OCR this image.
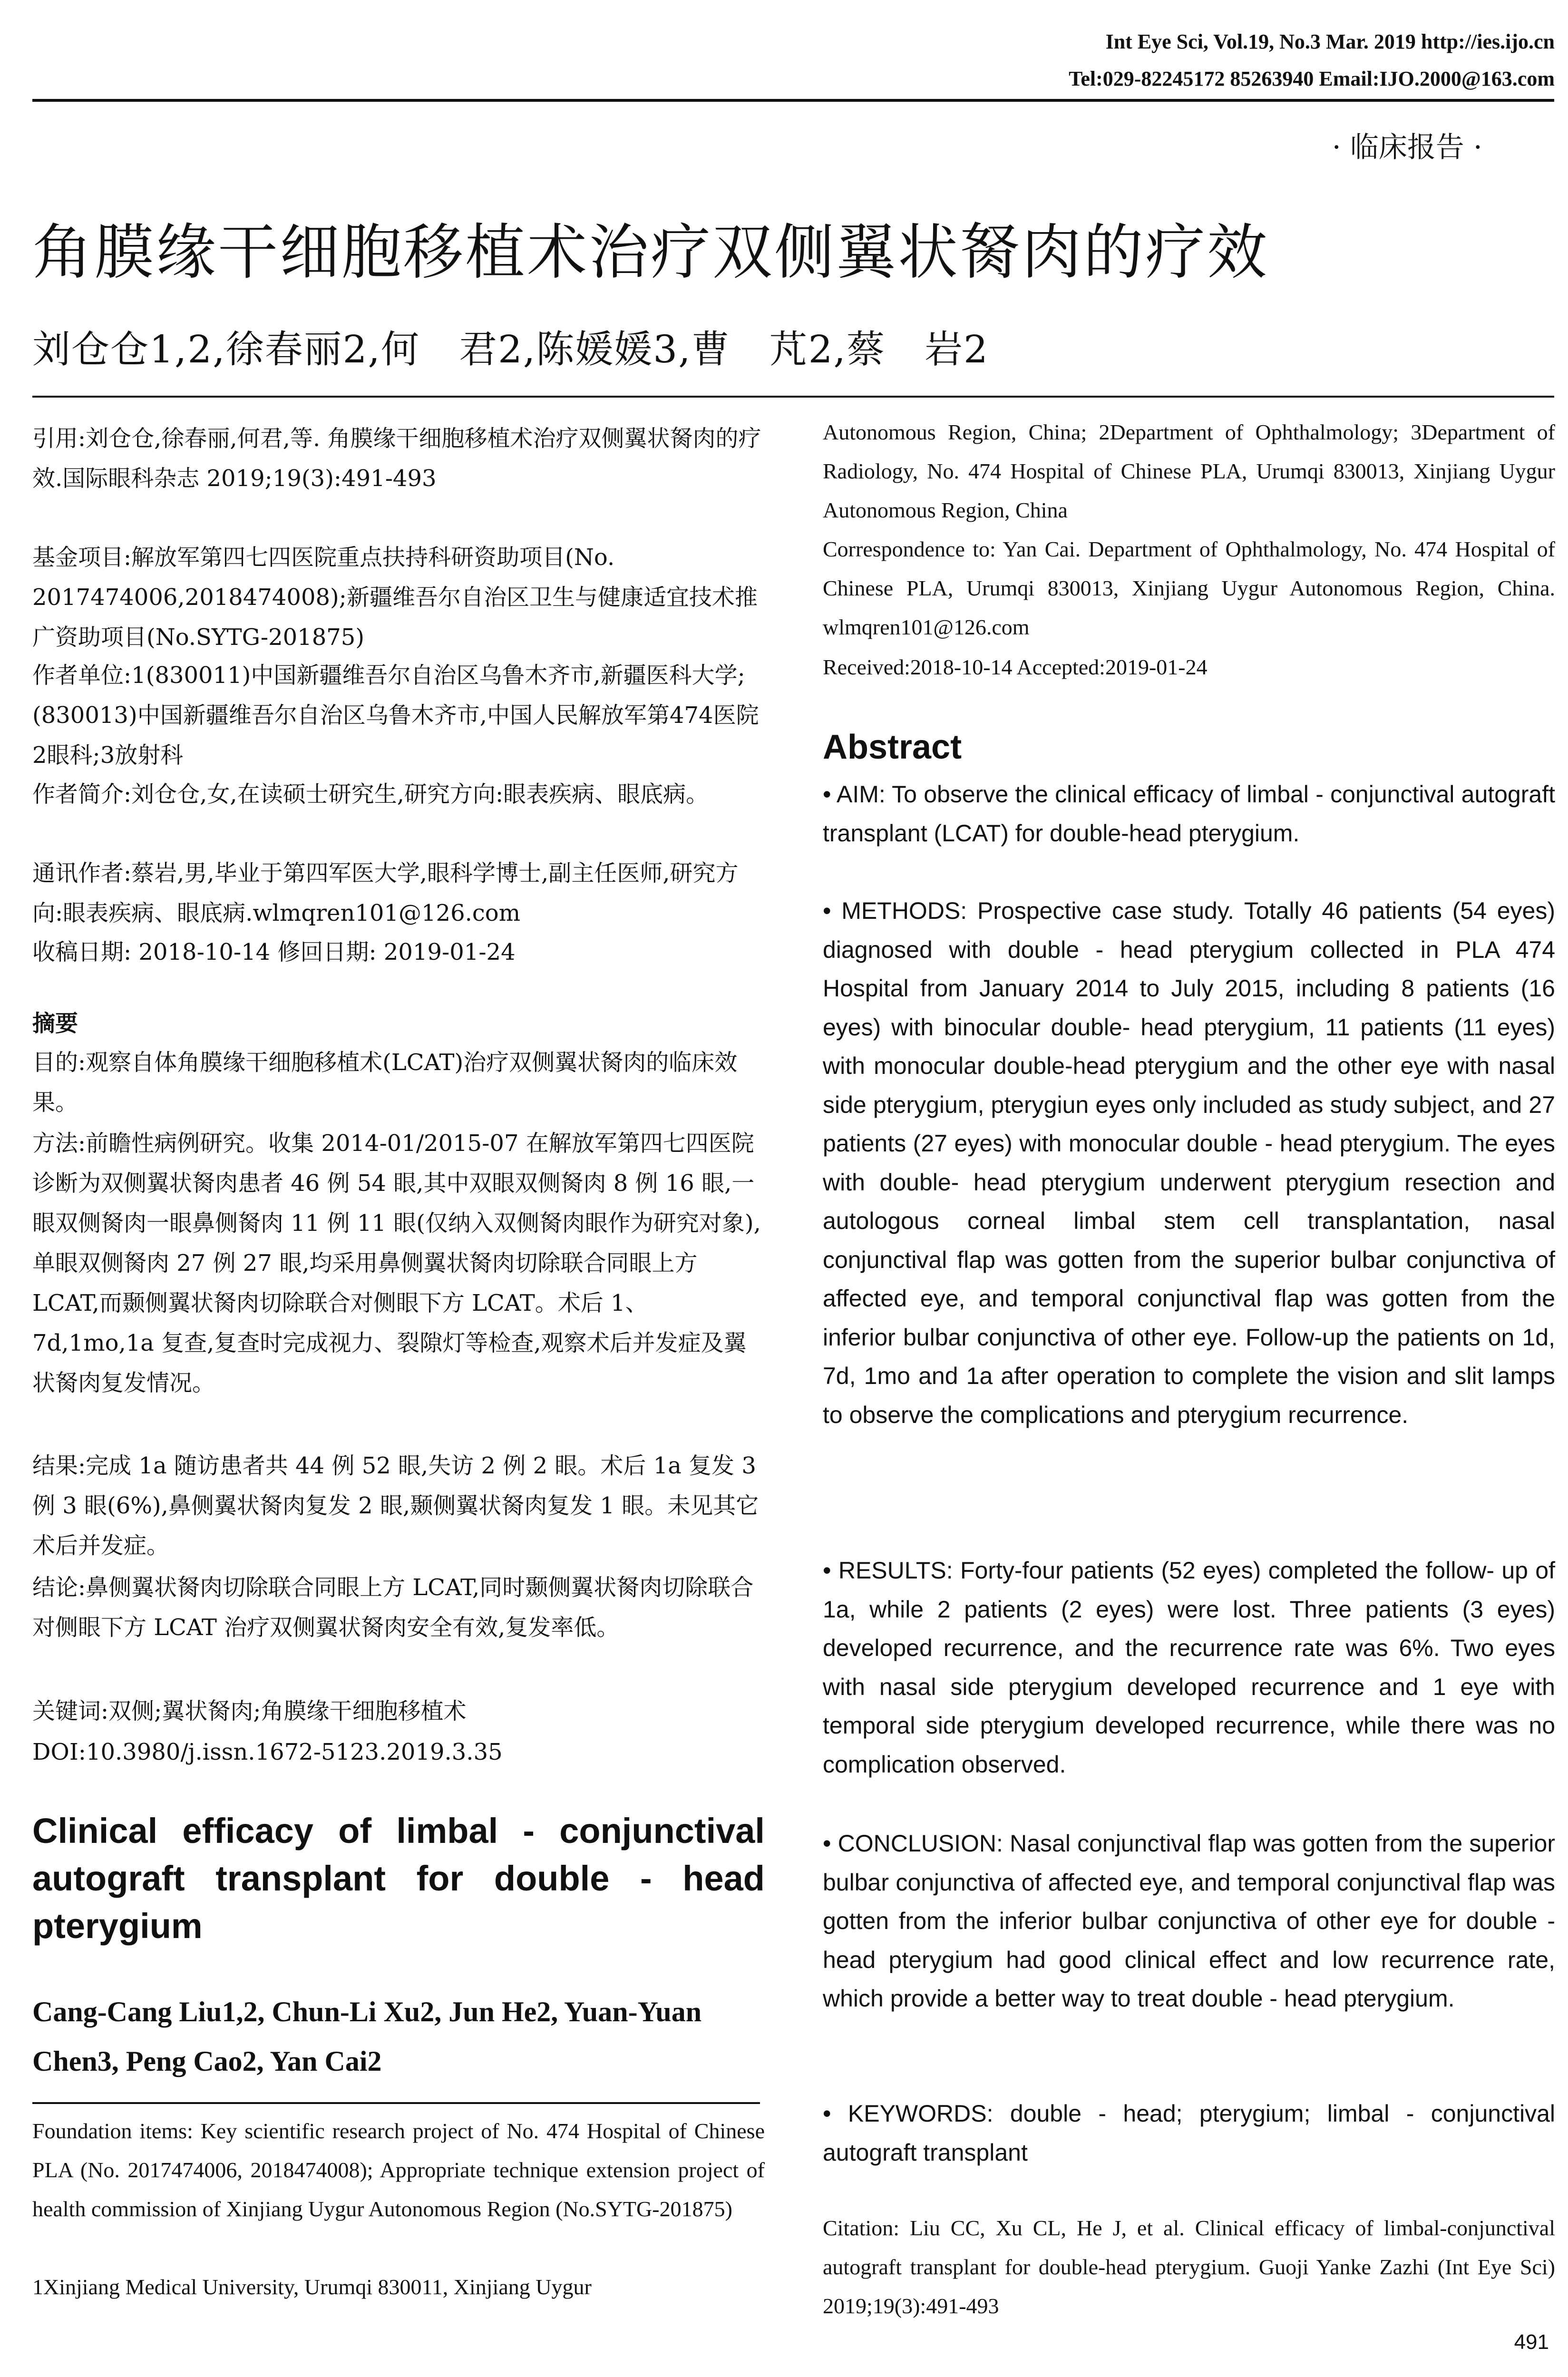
Int Eye Sci, Vol.19, No.3 Mar. 2019 http://ies.ijo.cn
Tel:029-82245172 85263940 Email:IJO.2000@163.com
· 临床报告 ·
角膜缘干细胞移植术治疗双侧翼状胬肉的疗效
刘仓仓1,2,徐春丽2,何　君2,陈媛媛3,曹　芃2,蔡　岩2
引用:刘仓仓,徐春丽,何君,等. 角膜缘干细胞移植术治疗双侧翼状胬肉的疗效.国际眼科杂志 2019;19(3):491-493
基金项目:解放军第四七四医院重点扶持科研资助项目(No. 2017474006,2018474008);新疆维吾尔自治区卫生与健康适宜技术推广资助项目(No.SYTG-201875)
作者单位:1(830011)中国新疆维吾尔自治区乌鲁木齐市,新疆医科大学;(830013)中国新疆维吾尔自治区乌鲁木齐市,中国人民解放军第474医院2眼科;3放射科
作者简介:刘仓仓,女,在读硕士研究生,研究方向:眼表疾病、眼底病。
通讯作者:蔡岩,男,毕业于第四军医大学,眼科学博士,副主任医师,研究方向:眼表疾病、眼底病.wlmqren101@126.com
收稿日期: 2018-10-14 修回日期: 2019-01-24
摘要
目的:观察自体角膜缘干细胞移植术(LCAT)治疗双侧翼状胬肉的临床效果。
方法:前瞻性病例研究。收集 2014-01/2015-07 在解放军第四七四医院诊断为双侧翼状胬肉患者 46 例 54 眼,其中双眼双侧胬肉 8 例 16 眼,一眼双侧胬肉一眼鼻侧胬肉 11 例 11 眼(仅纳入双侧胬肉眼作为研究对象),单眼双侧胬肉 27 例 27 眼,均采用鼻侧翼状胬肉切除联合同眼上方 LCAT,而颞侧翼状胬肉切除联合对侧眼下方 LCAT。术后 1、7d,1mo,1a 复查,复查时完成视力、裂隙灯等检查,观察术后并发症及翼状胬肉复发情况。
结果:完成 1a 随访患者共 44 例 52 眼,失访 2 例 2 眼。术后 1a 复发 3 例 3 眼(6%),鼻侧翼状胬肉复发 2 眼,颞侧翼状胬肉复发 1 眼。未见其它术后并发症。
结论:鼻侧翼状胬肉切除联合同眼上方 LCAT,同时颞侧翼状胬肉切除联合对侧眼下方 LCAT 治疗双侧翼状胬肉安全有效,复发率低。
关键词:双侧;翼状胬肉;角膜缘干细胞移植术
DOI:10.3980/j.issn.1672-5123.2019.3.35
Clinical efficacy of limbal - conjunctival autograft transplant for double - head pterygium
Cang-Cang Liu1,2, Chun-Li Xu2, Jun He2, Yuan-Yuan Chen3, Peng Cao2, Yan Cai2
Foundation items: Key scientific research project of No. 474 Hospital of Chinese PLA (No. 2017474006, 2018474008); Appropriate technique extension project of health commission of Xinjiang Uygur Autonomous Region (No.SYTG-201875)
1Xinjiang Medical University, Urumqi 830011, Xinjiang Uygur
Autonomous Region, China; 2Department of Ophthalmology; 3Department of Radiology, No. 474 Hospital of Chinese PLA, Urumqi 830013, Xinjiang Uygur Autonomous Region, China
Correspondence to: Yan Cai. Department of Ophthalmology, No. 474 Hospital of Chinese PLA, Urumqi 830013, Xinjiang Uygur Autonomous Region, China. wlmqren101@126.com
Received:2018-10-14 Accepted:2019-01-24
Abstract
• AIM: To observe the clinical efficacy of limbal - conjunctival autograft transplant (LCAT) for double-head pterygium.
• METHODS: Prospective case study. Totally 46 patients (54 eyes) diagnosed with double - head pterygium collected in PLA 474 Hospital from January 2014 to July 2015, including 8 patients (16 eyes) with binocular double- head pterygium, 11 patients (11 eyes) with monocular double-head pterygium and the other eye with nasal side pterygium, pterygiun eyes only included as study subject, and 27 patients (27 eyes) with monocular double - head pterygium. The eyes with double- head pterygium underwent pterygium resection and autologous corneal limbal stem cell transplantation, nasal conjunctival flap was gotten from the superior bulbar conjunctiva of affected eye, and temporal conjunctival flap was gotten from the inferior bulbar conjunctiva of other eye. Follow-up the patients on 1d, 7d, 1mo and 1a after operation to complete the vision and slit lamps to observe the complications and pterygium recurrence.
• RESULTS: Forty-four patients (52 eyes) completed the follow- up of 1a, while 2 patients (2 eyes) were lost. Three patients (3 eyes) developed recurrence, and the recurrence rate was 6%. Two eyes with nasal side pterygium developed recurrence and 1 eye with temporal side pterygium developed recurrence, while there was no complication observed.
• CONCLUSION: Nasal conjunctival flap was gotten from the superior bulbar conjunctiva of affected eye, and temporal conjunctival flap was gotten from the inferior bulbar conjunctiva of other eye for double - head pterygium had good clinical effect and low recurrence rate, which provide a better way to treat double - head pterygium.
• KEYWORDS: double - head; pterygium; limbal - conjunctival autograft transplant
Citation: Liu CC, Xu CL, He J, et al. Clinical efficacy of limbal-conjunctival autograft transplant for double-head pterygium. Guoji Yanke Zazhi (Int Eye Sci) 2019;19(3):491-493
491
